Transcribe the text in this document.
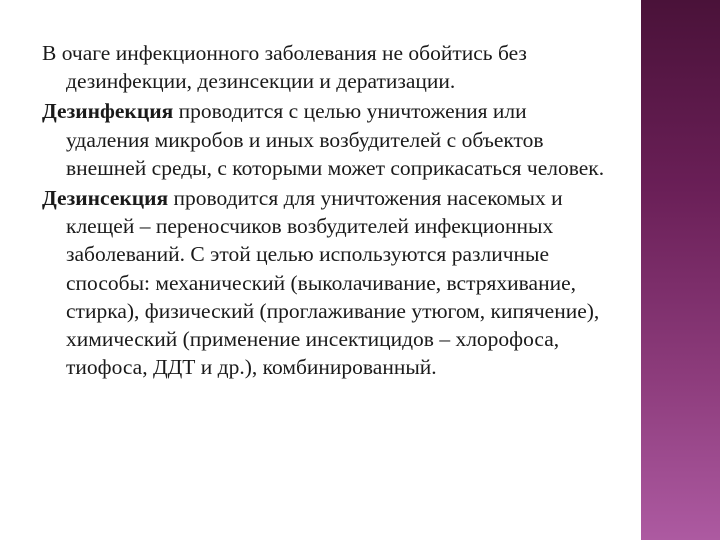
В очаге инфекционного заболевания не обойтись без дезинфекции, дезинсекции и дератизации.

Дезинфекция проводится с целью уничтожения или удаления микробов и иных возбудителей с объектов внешней среды, с которыми может соприкасаться человек.

Дезинсекция проводится для уничтожения насекомых и клещей – переносчиков возбудителей инфекционных заболеваний. С этой целью используются различные способы: механический (выколачивание, встряхивание, стирка), физический (проглаживание утюгом, кипячение), химический (применение инсектицидов – хлорофоса, тиофоса, ДДТ и др.), комбинированный.
